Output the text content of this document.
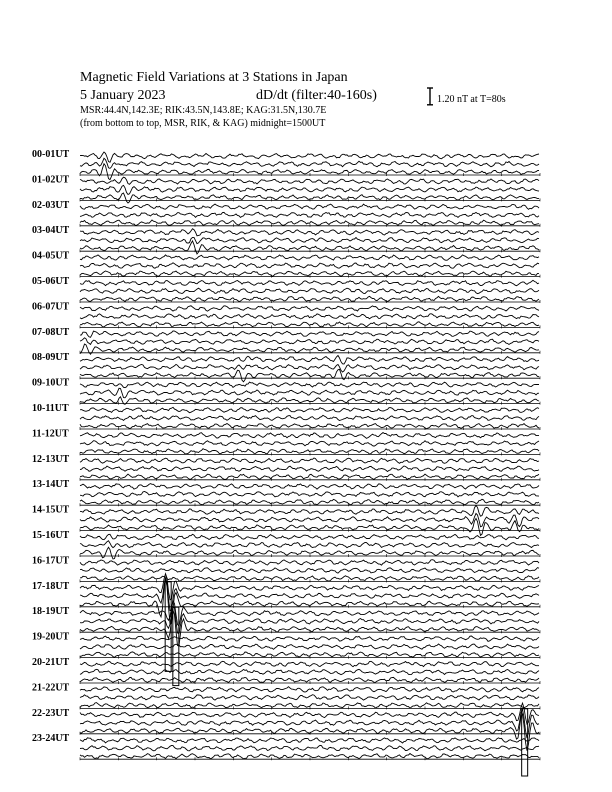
Magnetic Field Variations at 3 Stations in Japan
5 January 2023	dD/dt (filter:40-160s)
MSR:44.4N,142.3E; RIK:43.5N,143.8E; KAG:31.5N,130.7E
(from bottom to top, MSR, RIK, & KAG) midnight=1500UT
1.20 nT at T=80s
00-01UT
01-02UT
02-03UT
03-04UT
04-05UT
05-06UT
06-07UT
07-08UT
08-09UT
09-10UT
10-11UT
11-12UT
12-13UT
13-14UT
14-15UT
15-16UT
16-17UT
17-18UT
18-19UT
19-20UT
20-21UT
21-22UT
22-23UT
23-24UT
